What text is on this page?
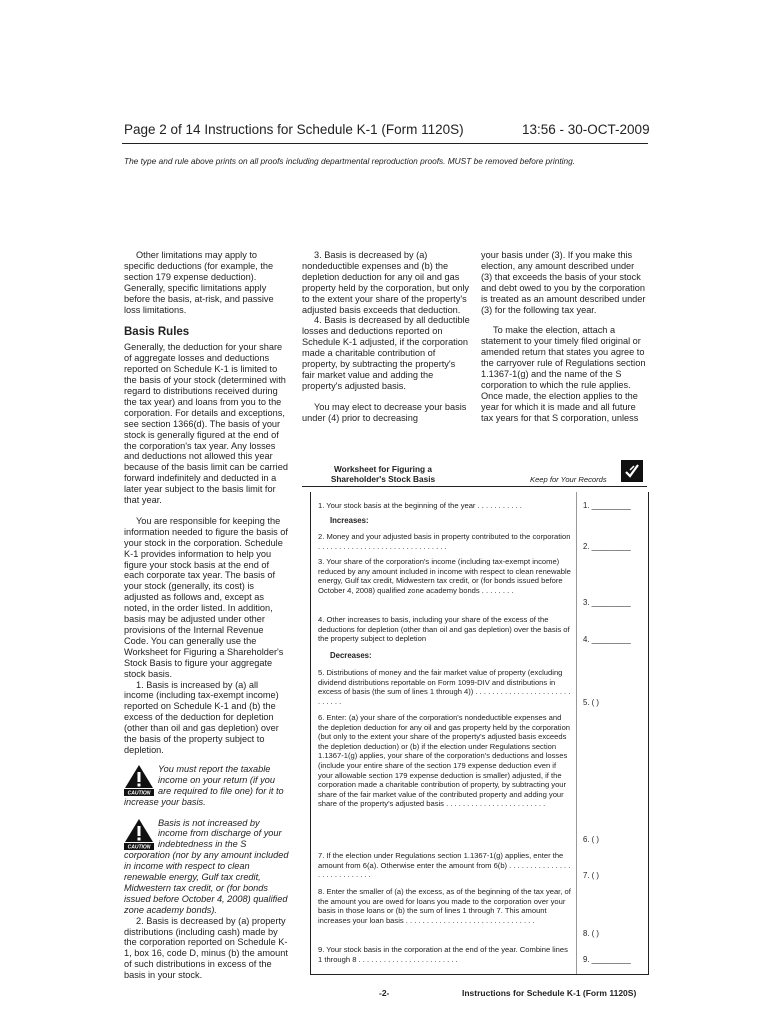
Page 2 of 14 Instructions for Schedule K-1 (Form 1120S)	13:56 - 30-OCT-2009
The type and rule above prints on all proofs including departmental reproduction proofs. MUST be removed before printing.

Other limitations may apply to specific deductions (for example, the section 179 expense deduction). Generally, specific limitations apply before the basis, at-risk, and passive loss limitations.

Basis Rules

Generally, the deduction for your share of aggregate losses and deductions reported on Schedule K-1 is limited to the basis of your stock (determined with regard to distributions received during the tax year) and loans from you to the corporation. For details and exceptions, see section 1366(d). The basis of your stock is generally figured at the end of the corporation's tax year. Any losses and deductions not allowed this year because of the basis limit can be carried forward indefinitely and deducted in a later year subject to the basis limit for that year.

You are responsible for keeping the information needed to figure the basis of your stock in the corporation. Schedule K-1 provides information to help you figure your stock basis at the end of each corporate tax year. The basis of your stock (generally, its cost) is adjusted as follows and, except as noted, in the order listed. In addition, basis may be adjusted under other provisions of the Internal Revenue Code. You can generally use the Worksheet for Figuring a Shareholder's Stock Basis to figure your aggregate stock basis.

1. Basis is increased by (a) all income (including tax-exempt income) reported on Schedule K-1 and (b) the excess of the deduction for depletion (other than oil and gas depletion) over the basis of the property subject to depletion.

CAUTION
You must report the taxable income on your return (if you are required to file one) for it to increase your basis.
CAUTION
Basis is not increased by income from discharge of your indebtedness in the S corporation (nor by any amount included in income with respect to clean renewable energy, Gulf tax credit, Midwestern tax credit, or (for bonds issued before October 4, 2008) qualified zone academy bonds).

2. Basis is decreased by (a) property distributions (including cash) made by the corporation reported on Schedule K-1, box 16, code D, minus (b) the amount of such distributions in excess of the basis in your stock.

3. Basis is decreased by (a) nondeductible expenses and (b) the depletion deduction for any oil and gas property held by the corporation, but only to the extent your share of the property's adjusted basis exceeds that deduction.

4. Basis is decreased by all deductible losses and deductions reported on Schedule K-1 adjusted, if the corporation made a charitable contribution of property, by subtracting the property's fair market value and adding the property's adjusted basis.

You may elect to decrease your basis under (4) prior to decreasing

your basis under (3). If you make this election, any amount described under (3) that exceeds the basis of your stock and debt owed to you by the corporation is treated as an amount described under (3) for the following tax year.

To make the election, attach a statement to your timely filed original or amended return that states you agree to the carryover rule of Regulations section 1.1367-1(g) and the name of the S corporation to which the rule applies. Once made, the election applies to the year for which it is made and all future tax years for that S corporation, unless

Worksheet for Figuring a Shareholder's Stock Basis	Keep for Your Records
1. Your stock basis at the beginning of the year . . . . . . . . . . .	1. _________
Increases:
2. Money and your adjusted basis in property contributed to the corporation . . . . . . . . . . . . . . . . . . . . . . . . . . . . . . .	2. _________
3. Your share of the corporation's income (including tax-exempt income) reduced by any amount included in income with respect to clean renewable energy, Gulf tax credit, Midwestern tax credit, or (for bonds issued before October 4, 2008) qualified zone academy bonds . . . . . . . .
3. _________
4. Other increases to basis, including your share of the excess of the deductions for depletion (other than oil and gas depletion) over the basis of the property subject to depletion	4. _________
Decreases:
5. Distributions of money and the fair market value of property (excluding dividend distributions reportable on Form 1099-DIV and distributions in excess of basis (the sum of lines 1 through 4)) . . . . . . . . . . . . . . . . . . . . . . . . . . . . .	5. ( )
6. Enter: (a) your share of the corporation's nondeductible expenses and the depletion deduction for any oil and gas property held by the corporation (but only to the extent your share of the property's adjusted basis exceeds the depletion deduction) or (b) if the election under Regulations section 1.1367-1(g) applies, your share of the corporation's deductions and losses (include your entire share of the section 179 expense deduction even if your allowable section 179 expense deduction is smaller) adjusted, if the corporation made a charitable contribution of property, by subtracting your share of the fair market value of the contributed property and adding your share of the property's adjusted basis . . . . . . . . . . . . . . . . . . . . . . . .
6. ( )
7. If the election under Regulations section 1.1367-1(g) applies, enter the amount from 6(a). Otherwise enter the amount from 6(b) . . . . . . . . . . . . . . . . . . . . . . . . . . . .	7. ( )
8. Enter the smaller of (a) the excess, as of the beginning of the tax year, of the amount you are owed for loans you made to the corporation over your basis in those loans or (b) the sum of lines 1 through 7. This amount increases your loan basis . . . . . . . . . . . . . . . . . . . . . . . . . . . . . . .
8. ( )
9. Your stock basis in the corporation at the end of the year. Combine lines 1 through 8 . . . . . . . . . . . . . . . . . . . . . . . .	9. _________
-2-	Instructions for Schedule K-1 (Form 1120S)
